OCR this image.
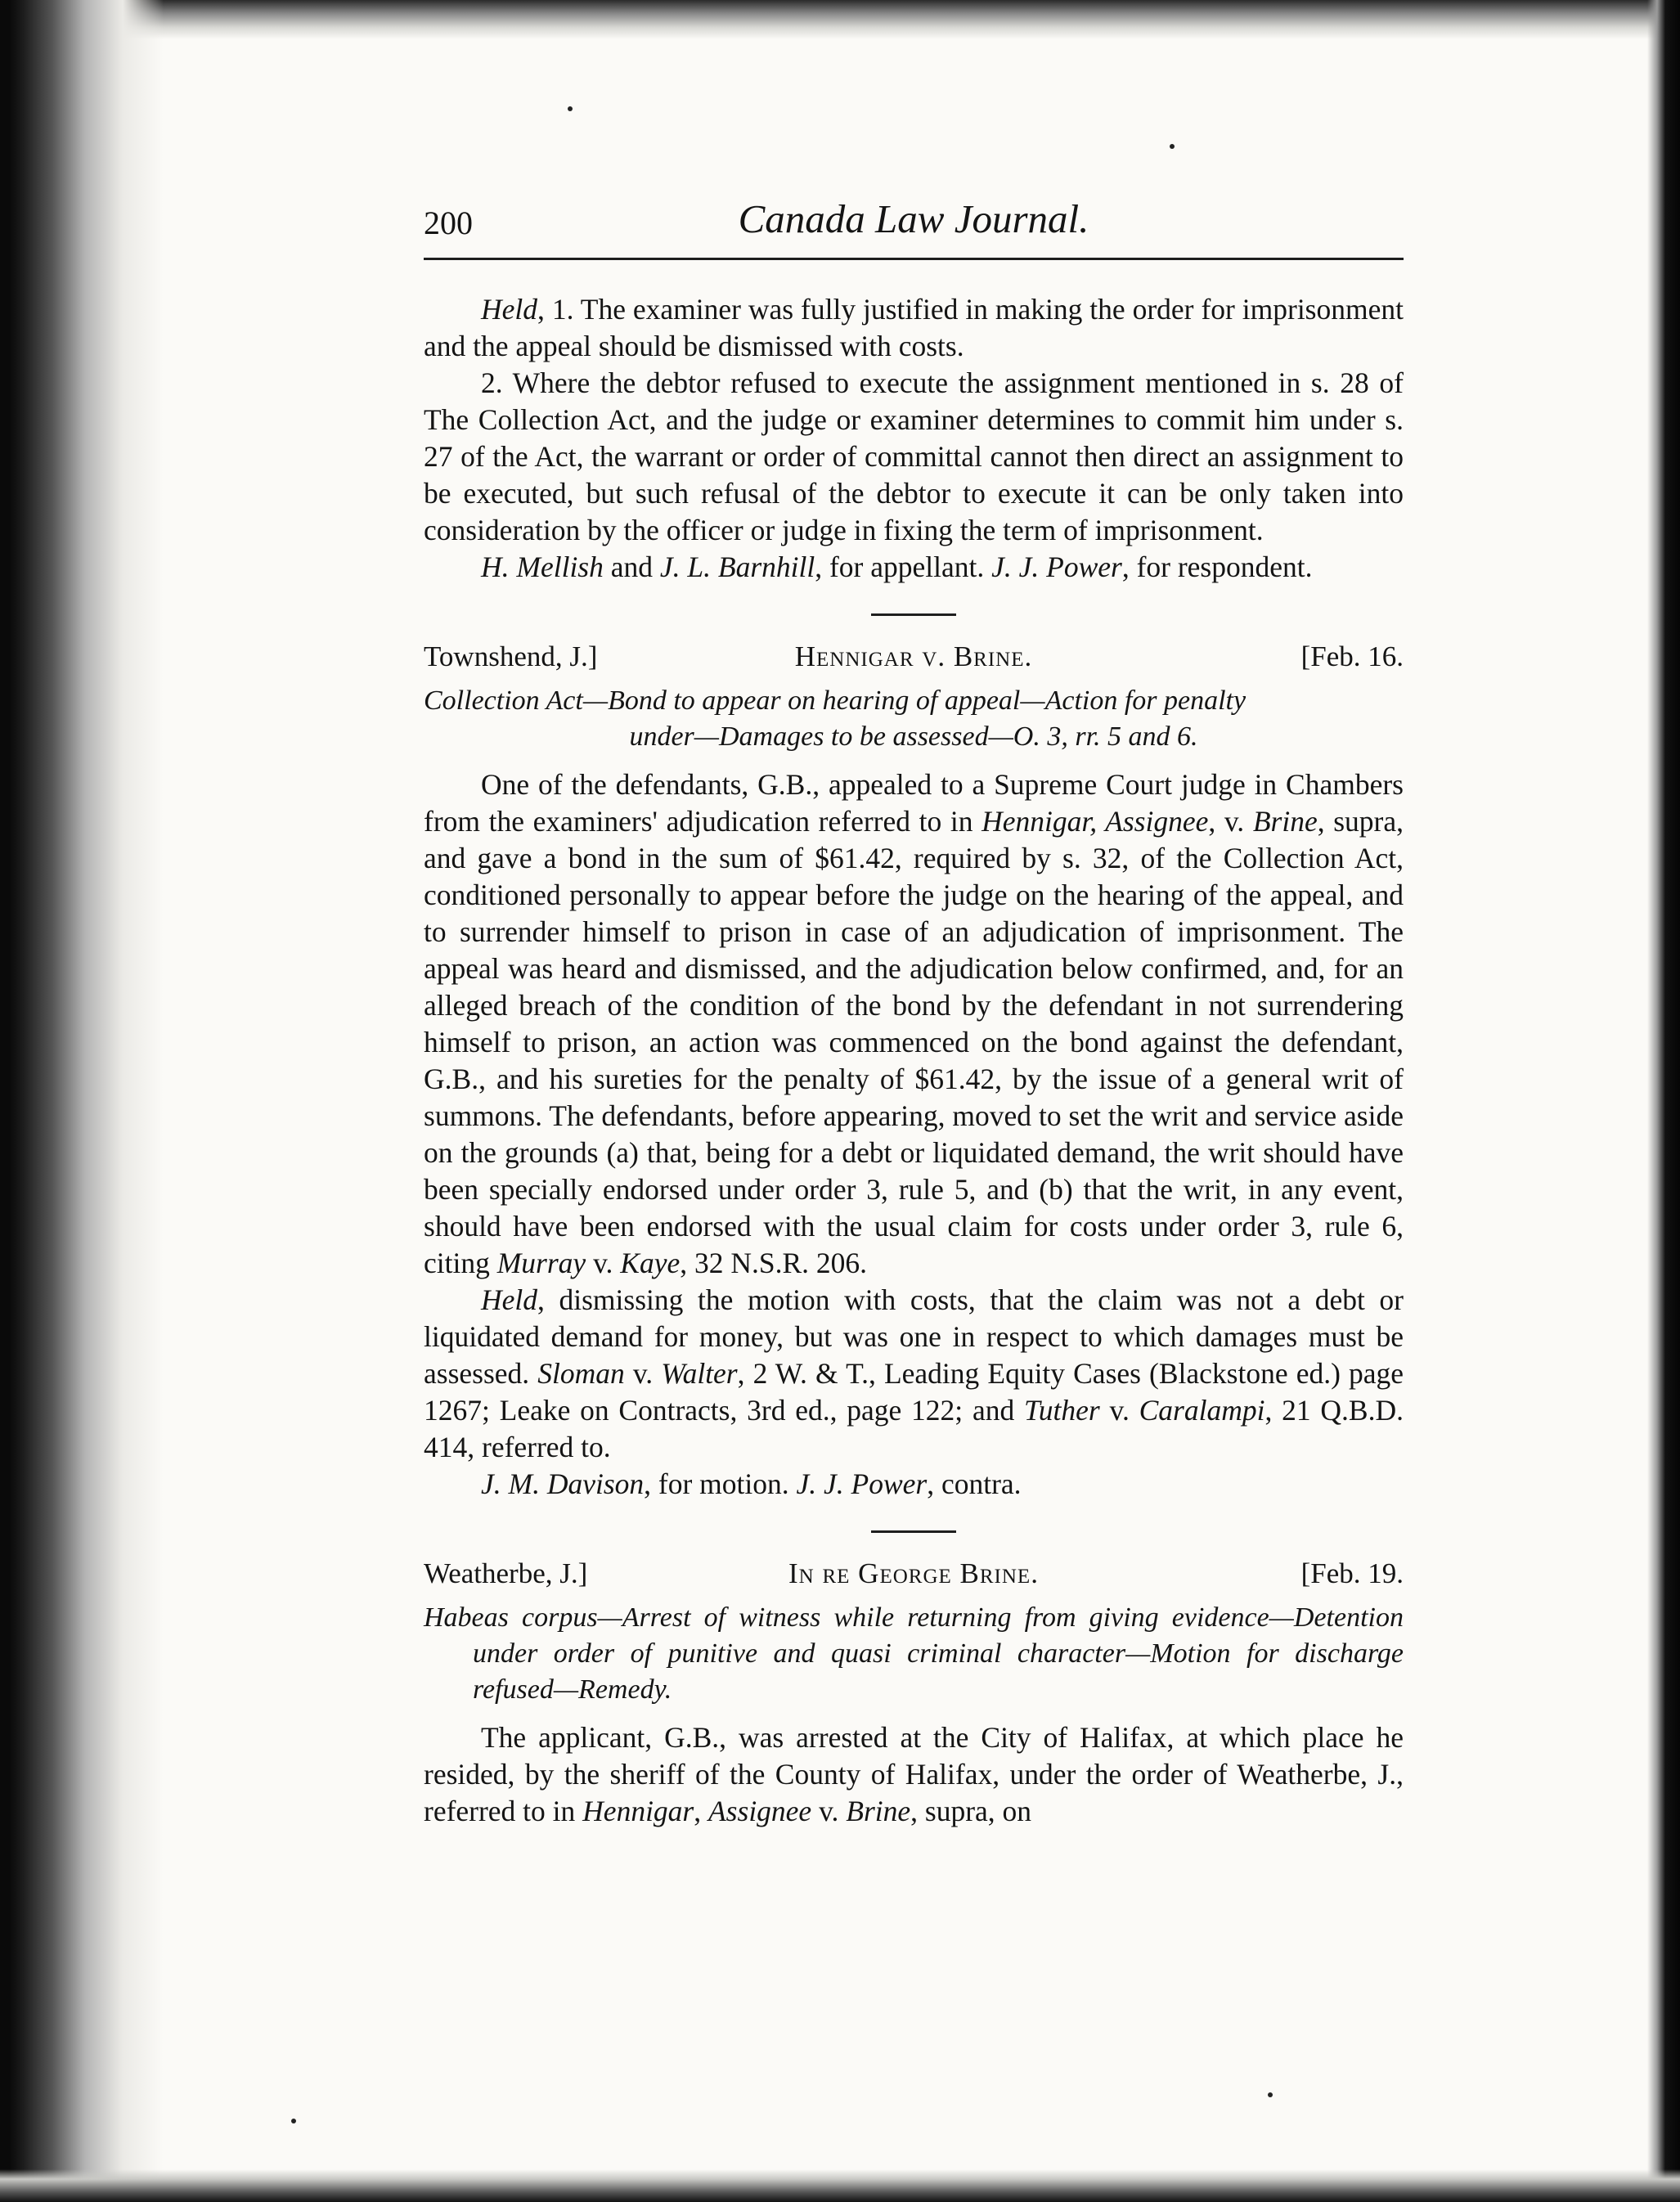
200	Canada Law Journal.

Held, 1. The examiner was fully justified in making the order for imprisonment and the appeal should be dismissed with costs.

2. Where the debtor refused to execute the assignment mentioned in s. 28 of The Collection Act, and the judge or examiner determines to commit him under s. 27 of the Act, the warrant or order of committal cannot then direct an assignment to be executed, but such refusal of the debtor to execute it can be only taken into consideration by the officer or judge in fixing the term of imprisonment.

H. Mellish and J. L. Barnhill, for appellant. J. J. Power, for respondent.

Townshend, J.]	Hennigar v. Brine.	[Feb. 16.

Collection Act—Bond to appear on hearing of appeal—Action for penalty

under—Damages to be assessed—O. 3, rr. 5 and 6.

One of the defendants, G.B., appealed to a Supreme Court judge in Chambers from the examiners' adjudication referred to in Hennigar, Assignee, v. Brine, supra, and gave a bond in the sum of $61.42, required by s. 32, of the Collection Act, conditioned personally to appear before the judge on the hearing of the appeal, and to surrender himself to prison in case of an adjudication of imprisonment. The appeal was heard and dismissed, and the adjudication below confirmed, and, for an alleged breach of the condition of the bond by the defendant in not surrendering himself to prison, an action was commenced on the bond against the defendant, G.B., and his sureties for the penalty of $61.42, by the issue of a general writ of summons. The defendants, before appearing, moved to set the writ and service aside on the grounds (a) that, being for a debt or liquidated demand, the writ should have been specially endorsed under order 3, rule 5, and (b) that the writ, in any event, should have been endorsed with the usual claim for costs under order 3, rule 6, citing Murray v. Kaye, 32 N.S.R. 206.

Held, dismissing the motion with costs, that the claim was not a debt or liquidated demand for money, but was one in respect to which damages must be assessed. Sloman v. Walter, 2 W. & T., Leading Equity Cases (Blackstone ed.) page 1267; Leake on Contracts, 3rd ed., page 122; and Tuther v. Caralampi, 21 Q.B.D. 414, referred to.

J. M. Davison, for motion. J. J. Power, contra.

Weatherbe, J.]	In re George Brine.	[Feb. 19.

Habeas corpus—Arrest of witness while returning from giving evidence—Detention under order of punitive and quasi criminal character—Motion for discharge refused—Remedy.

The applicant, G.B., was arrested at the City of Halifax, at which place he resided, by the sheriff of the County of Halifax, under the order of Weatherbe, J., referred to in Hennigar, Assignee v. Brine, supra, on
